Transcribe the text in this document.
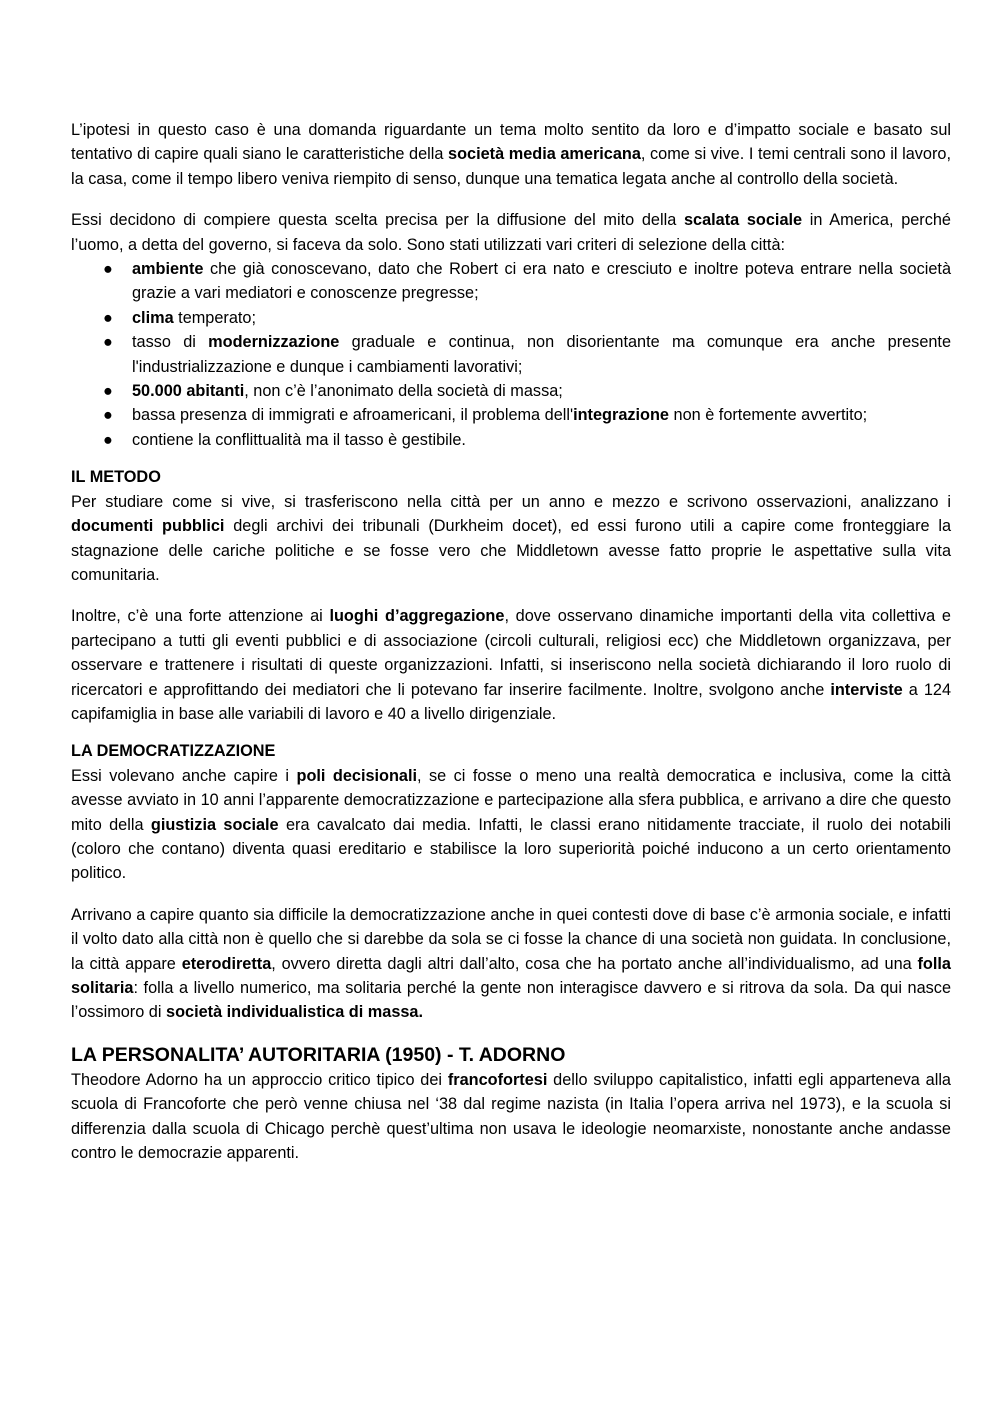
L’ipotesi in questo caso è una domanda riguardante un tema molto sentito da loro e d’impatto sociale e basato sul tentativo di capire quali siano le caratteristiche della società media americana, come si vive. I temi centrali sono il lavoro, la casa, come il tempo libero veniva riempito di senso, dunque una tematica legata anche al controllo della società.

Essi decidono di compiere questa scelta precisa per la diffusione del mito della scalata sociale in America, perché l’uomo, a detta del governo, si faceva da solo. Sono stati utilizzati vari criteri di selezione della città:

● ambiente che già conoscevano, dato che Robert ci era nato e cresciuto e inoltre poteva entrare nella società grazie a vari mediatori e conoscenze pregresse;
● clima temperato;
● tasso di modernizzazione graduale e continua, non disorientante ma comunque era anche presente l'industrializzazione e dunque i cambiamenti lavorativi;
● 50.000 abitanti, non c’è l’anonimato della società di massa;
● bassa presenza di immigrati e afroamericani, il problema dell'integrazione non è fortemente avvertito;
● contiene la conflittualità ma il tasso è gestibile.
IL METODO

Per studiare come si vive, si trasferiscono nella città per un anno e mezzo e scrivono osservazioni, analizzano i documenti pubblici degli archivi dei tribunali (Durkheim docet), ed essi furono utili a capire come fronteggiare la stagnazione delle cariche politiche e se fosse vero che Middletown avesse fatto proprie le aspettative sulla vita comunitaria.

Inoltre, c’è una forte attenzione ai luoghi d’aggregazione, dove osservano dinamiche importanti della vita collettiva e partecipano a tutti gli eventi pubblici e di associazione (circoli culturali, religiosi ecc) che Middletown organizzava, per osservare e trattenere i risultati di queste organizzazioni. Infatti, si inseriscono nella società dichiarando il loro ruolo di ricercatori e approfittando dei mediatori che li potevano far inserire facilmente. Inoltre, svolgono anche interviste a 124 capifamiglia in base alle variabili di lavoro e 40 a livello dirigenziale.

LA DEMOCRATIZZAZIONE

Essi volevano anche capire i poli decisionali, se ci fosse o meno una realtà democratica e inclusiva, come la città avesse avviato in 10 anni l’apparente democratizzazione e partecipazione alla sfera pubblica, e arrivano a dire che questo mito della giustizia sociale era cavalcato dai media. Infatti, le classi erano nitidamente tracciate, il ruolo dei notabili (coloro che contano) diventa quasi ereditario e stabilisce la loro superiorità poiché inducono a un certo orientamento politico.

Arrivano a capire quanto sia difficile la democratizzazione anche in quei contesti dove di base c’è armonia sociale, e infatti il volto dato alla città non è quello che si darebbe da sola se ci fosse la chance di una società non guidata. In conclusione, la città appare eterodiretta, ovvero diretta dagli altri dall’alto, cosa che ha portato anche all’individualismo, ad una folla solitaria: folla a livello numerico, ma solitaria perché la gente non interagisce davvero e si ritrova da sola. Da qui nasce l’ossimoro di società individualistica di massa.

LA PERSONALITA’ AUTORITARIA (1950) - T. ADORNO

Theodore Adorno ha un approccio critico tipico dei francofortesi dello sviluppo capitalistico, infatti egli apparteneva alla scuola di Francoforte che però venne chiusa nel ‘38 dal regime nazista (in Italia l’opera arriva nel 1973), e la scuola si differenzia dalla scuola di Chicago perchè quest’ultima non usava le ideologie neomarxiste, nonostante anche andasse contro le democrazie apparenti.
